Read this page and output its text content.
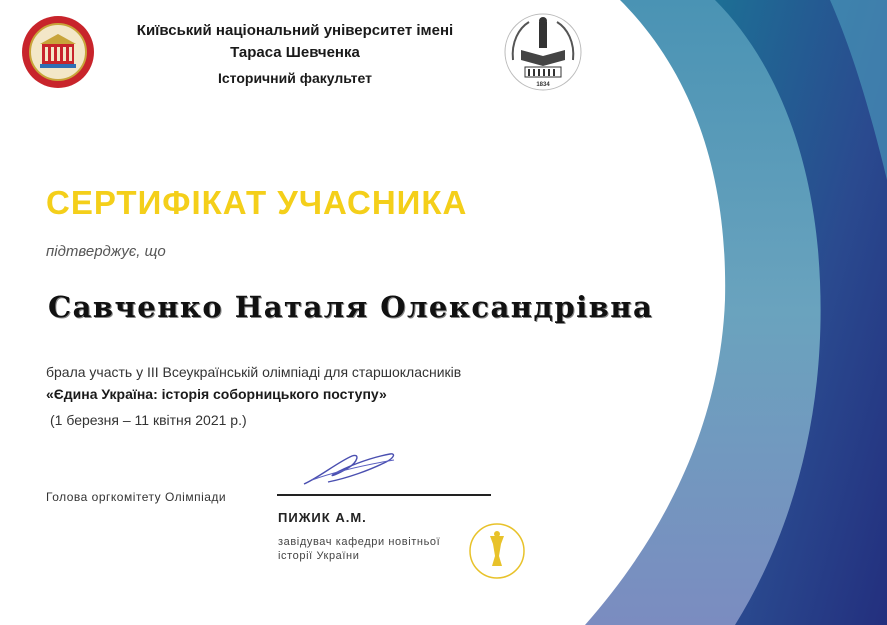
1834
Київський національний університет імені
Тараса Шевченка
Історичний факультет
СЕРТИФІКАТ УЧАСНИКА
підтверджує, що
Савченко Наталя Олександрівна
брала участь у ІІІ Всеукраїнській олімпіаді для старшокласників
«Єдина Україна: історія соборницького поступу»
(1 березня – 11 квітня 2021 р.)
Голова оргкомітету Олімпіади
ПИЖИК А.М.
завідувач кафедри новітньої
історії України
